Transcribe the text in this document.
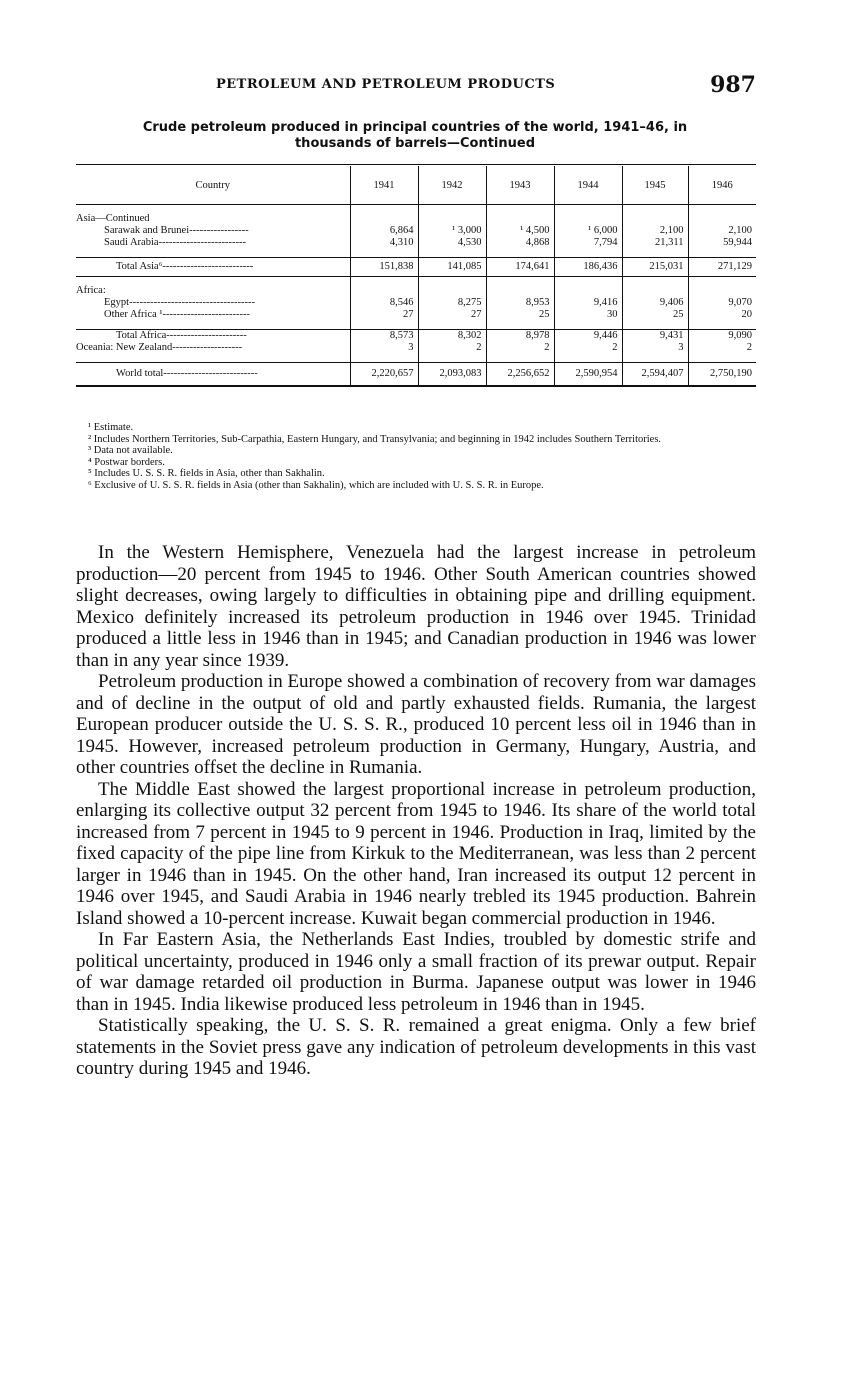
PETROLEUM AND PETROLEUM PRODUCTS	987
Crude petroleum produced in principal countries of the world, 1941–46, in
thousands of barrels—Continued
Country	1941	1942	1943	1944	1945	1946

Asia—Continued						
Sarawak and Brunei-----------------	6,864	¹ 3,000	¹ 4,500	¹ 6,000	2,100	2,100
Saudi Arabia-------------------------	4,310	4,530	4,868	7,794	21,311	59,944

Total Asia⁶--------------------------	151,838	141,085	174,641	186,436	215,031	271,129

Africa:						
Egypt------------------------------------	8,546	8,275	8,953	9,416	9,406	9,070
Other Africa ¹-------------------------	27	27	25	30	25	20

Total Africa-----------------------	8,573	8,302	8,978	9,446	9,431	9,090
Oceania: New Zealand--------------------	3	2	2	2	3	2

World total---------------------------	2,220,657	2,093,083	2,256,652	2,590,954	2,594,407	2,750,190

¹ Estimate.

² Includes Northern Territories, Sub-Carpathia, Eastern Hungary, and Transylvania; and beginning in 1942 includes Southern Territories.

³ Data not available.

⁴ Postwar borders.

⁵ Includes U. S. S. R. fields in Asia, other than Sakhalin.

⁶ Exclusive of U. S. S. R. fields in Asia (other than Sakhalin), which are included with U. S. S. R. in Europe.

In the Western Hemisphere, Venezuela had the largest increase in petroleum production—20 percent from 1945 to 1946. Other South American countries showed slight decreases, owing largely to difficulties in obtaining pipe and drilling equipment. Mexico definitely increased its petroleum production in 1946 over 1945. Trinidad produced a little less in 1946 than in 1945; and Canadian production in 1946 was lower than in any year since 1939.

Petroleum production in Europe showed a combination of recovery from war damages and of decline in the output of old and partly exhausted fields. Rumania, the largest European producer outside the U. S. S. R., produced 10 percent less oil in 1946 than in 1945. However, increased petroleum production in Germany, Hungary, Austria, and other countries offset the decline in Rumania.

The Middle East showed the largest proportional increase in petroleum production, enlarging its collective output 32 percent from 1945 to 1946. Its share of the world total increased from 7 percent in 1945 to 9 percent in 1946. Production in Iraq, limited by the fixed capacity of the pipe line from Kirkuk to the Mediterranean, was less than 2 percent larger in 1946 than in 1945. On the other hand, Iran increased its output 12 percent in 1946 over 1945, and Saudi Arabia in 1946 nearly trebled its 1945 production. Bahrein Island showed a 10-percent increase. Kuwait began commercial production in 1946.

In Far Eastern Asia, the Netherlands East Indies, troubled by domestic strife and political uncertainty, produced in 1946 only a small fraction of its prewar output. Repair of war damage retarded oil production in Burma. Japanese output was lower in 1946 than in 1945. India likewise produced less petroleum in 1946 than in 1945.

Statistically speaking, the U. S. S. R. remained a great enigma. Only a few brief statements in the Soviet press gave any indication of petroleum developments in this vast country during 1945 and 1946.
